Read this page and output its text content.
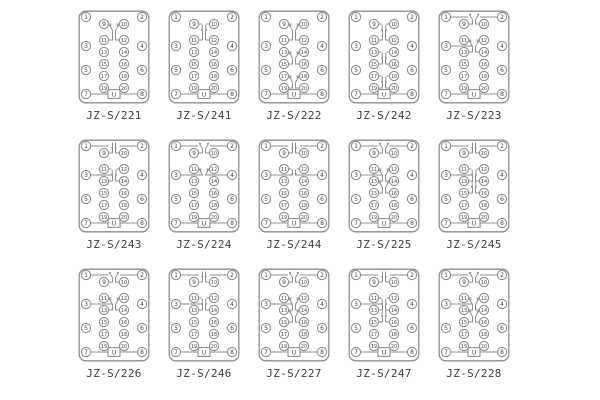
U
1	2
3	4
5	6
7	8
9
11
13
15
17
19
10
12
14
16
18
20
JZ-S/221
U
1	2
3	4
5	6
7	8
9
11
13
15
17
19
10
12
14
16
18
20
JZ-S/241
U
1	2
3	4
5	6
7	8
9
11
13
15
17
19
10
12
14
16
18
20
JZ-S/222
U
1	2
3	4
5	6
7	8
9
11
13
15
17
19
10
12
14
16
18
20
JZ-S/242
U
1	2
3	4
5	6
7	8
9
11
13
15
17
19
10
12
14
16
18
20
JZ-S/223
U
1	2
3	4
5	6
7	8
9
11
13
15
17
19
10
12
14
16
18
20
JZ-S/243
U
1	2
3	4
5	6
7	8
9
11
13
15
17
19
10
12
14
16
18
20
JZ-S/224
U
1	2
3	4
5	6
7	8
9
11
13
15
17
19
10
12
14
16
18
20
JZ-S/244
U
1	2
3	4
5	6
7	8
9
11
13
15
17
19
10
12
14
16
18
20
JZ-S/225
U
1	2
3	4
5	6
7	8
9
11
13
15
17
19
10
12
14
16
18
20
JZ-S/245
U
1	2
3	4
5	6
7	8
9
11
13
15
17
19
10
12
14
16
18
20
JZ-S/226
U
1	2
3	4
5	6
7	8
9
11
13
15
17
19
10
12
14
16
18
20
JZ-S/246
U
1	2
3	4
5	6
7	8
9
11
13
15
17
19
10
12
14
16
18
20
JZ-S/227
U
1	2
3	4
5	6
7	8
9
11
13
15
17
19
10
12
14
16
18
20
JZ-S/247
U
1	2
3	4
5	6
7	8
9
11
13
15
17
19
10
12
14
16
18
20
JZ-S/228
